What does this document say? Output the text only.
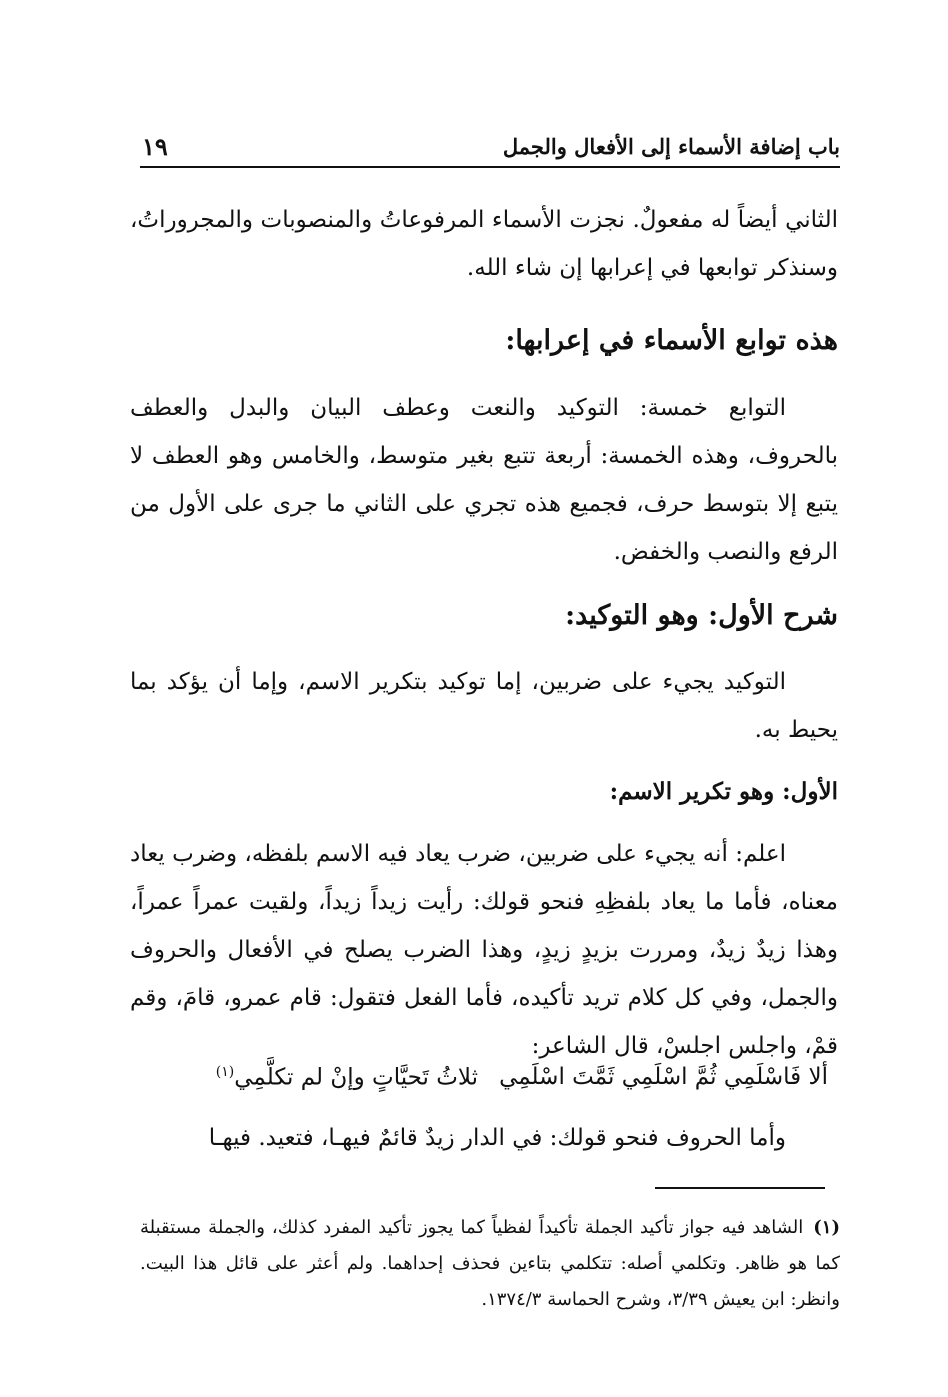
باب إضافة الأسماء إلى الأفعال والجمل
١٩

الثاني أيضاً له مفعولٌ. نجزت الأسماء المرفوعاتُ والمنصوبات والمجروراتُ، وسنذكر توابعها في إعرابها إن شاء الله.

هذه توابع الأسماء في إعرابها:

التوابع خمسة: التوكيد والنعت وعطف البيان والبدل والعطف بالحروف، وهذه الخمسة: أربعة تتبع بغير متوسط، والخامس وهو العطف لا يتبع إلا بتوسط حرف، فجميع هذه تجري على الثاني ما جرى على الأول من الرفع والنصب والخفض.

شرح الأول: وهو التوكيد:

التوكيد يجيء على ضربين، إما توكيد بتكرير الاسم، وإما أن يؤكد بما يحيط به.

الأول: وهو تكرير الاسم:

اعلم: أنه يجيء على ضربين، ضرب يعاد فيه الاسم بلفظه، وضرب يعاد معناه، فأما ما يعاد بلفظِهِ فنحو قولك: رأيت زيداً زيداً، ولقيت عمراً عمراً، وهذا زيدٌ زيدٌ، ومررت بزيدٍ زيدٍ، وهذا الضرب يصلح في الأفعال والحروف والجمل، وفي كل كلام تريد تأكيده، فأما الفعل فتقول: قام عمرو، قامَ، وقم قمْ، واجلس اجلسْ، قال الشاعر:

ألا فَاسْلَمِي ثُمَّ اسْلَمِي ثَمَّتَ اسْلَمِي
ثلاثُ تَحيَّاتٍ وإنْ لم تكلَّمِي$^{(١)}$

وأما الحروف فنحو قولك: في الدار زيدٌ قائمٌ فيهـا، فتعيد. فيهـا

(١)الشاهد فيه جواز تأكيد الجملة تأكيداً لفظياً كما يجوز تأكيد المفرد كذلك، والجملة مستقبلة كما هو ظاهر. وتكلمي أصله: تتكلمي بتاءين فحذف إحداهما. ولم أعثر على قائل هذا البيت. وانظر: ابن يعيش ٣/٣٩، وشرح الحماسة ١٣٧٤/٣.
